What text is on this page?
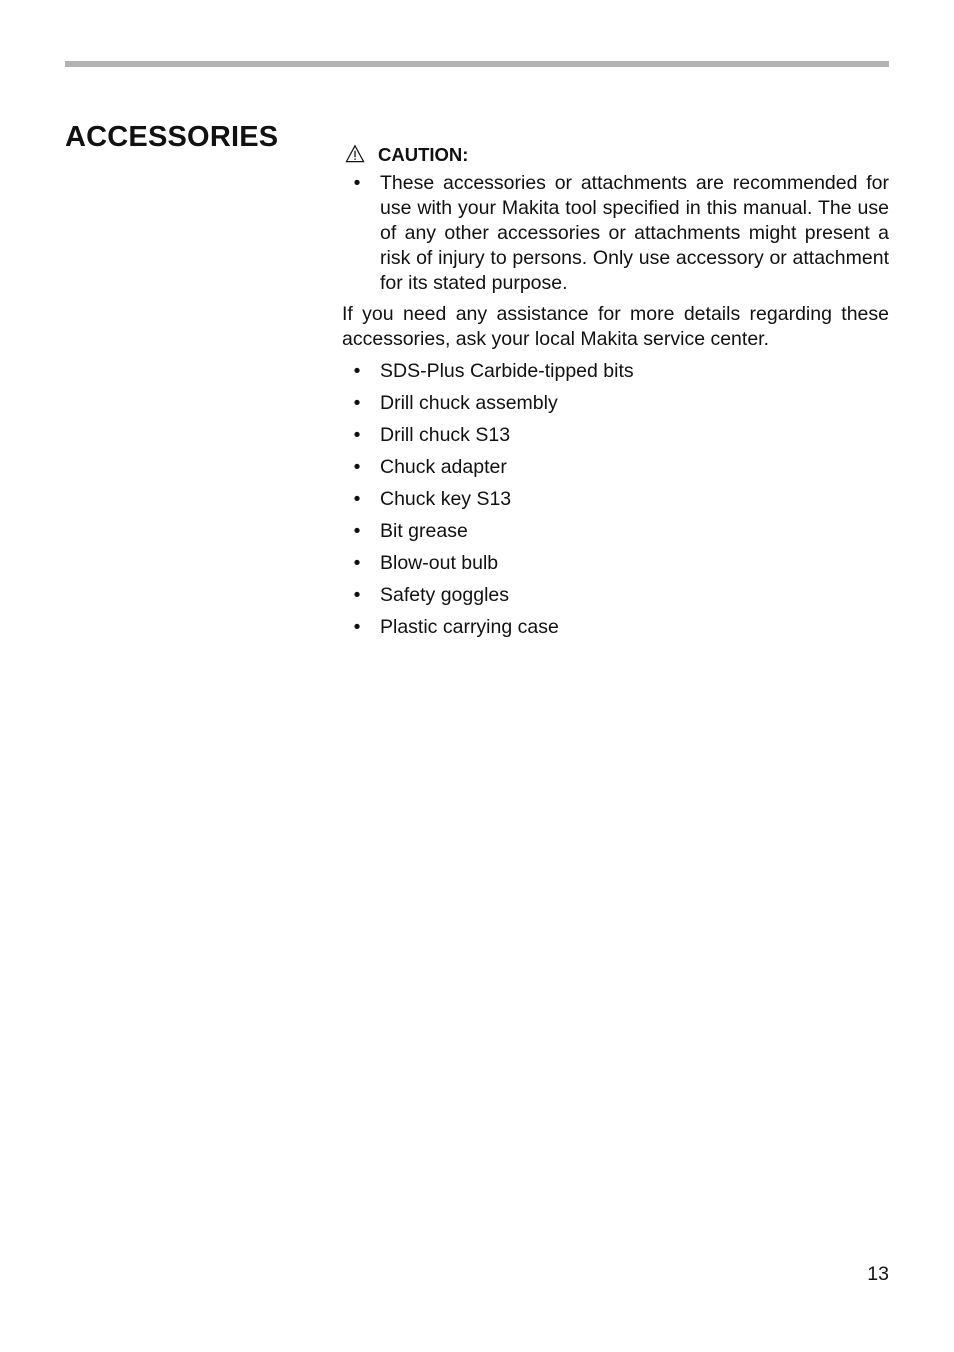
ACCESSORIES
CAUTION:
• These accessories or attachments are recommended for use with your Makita tool specified in this manual. The use of any other accessories or attachments might present a risk of injury to persons. Only use accessory or attachment for its stated purpose.

If you need any assistance for more details regarding these accessories, ask your local Makita service center.

• SDS-Plus Carbide-tipped bits
• Drill chuck assembly
• Drill chuck S13
• Chuck adapter
• Chuck key S13
• Bit grease
• Blow-out bulb
• Safety goggles
• Plastic carrying case
13
